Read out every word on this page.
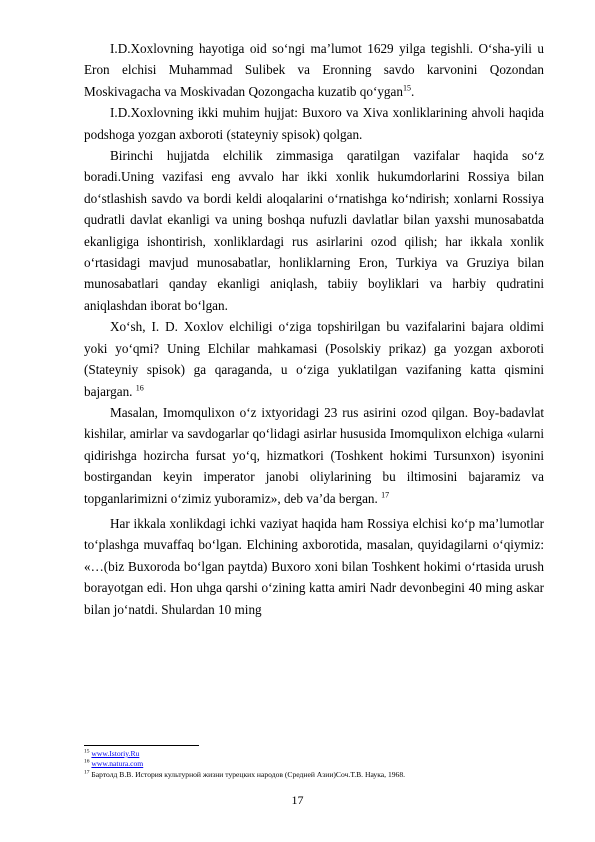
I.D.Xoxlovning hayotiga oid so‘ngi ma’lumot 1629 yilga tegishli. O‘sha-yili u Eron elchisi Muhammad Sulibek va Eronning savdo karvonini Qozondan Moskivagacha va Moskivadan Qozongacha kuzatib qo‘ygan$^{15}$.

I.D.Xoxlovning ikki muhim hujjat: Buxoro va Xiva xonliklarining ahvoli haqida podshoga yozgan axboroti (stateyniy spisok) qolgan.

Birinchi hujjatda elchilik zimmasiga qaratilgan vazifalar haqida so‘z boradi.Uning vazifasi eng avvalo har ikki xonlik hukumdorlarini Rossiya bilan do‘stlashish savdo va bordi keldi aloqalarini o‘rnatishga ko‘ndirish; xonlarni Rossiya qudratli davlat ekanligi va uning boshqa nufuzli davlatlar bilan yaxshi munosabatda ekanligiga ishontirish, xonliklardagi rus asirlarini ozod qilish; har ikkala xonlik o‘rtasidagi mavjud munosabatlar, honliklarning Eron, Turkiya va Gruziya bilan munosabatlari qanday ekanligi aniqlash, tabiiy boyliklari va harbiy qudratini aniqlashdan iborat bo‘lgan.

Xo‘sh, I. D. Xoxlov elchiligi o‘ziga topshirilgan bu vazifalarini bajara oldimi yoki yo‘qmi? Uning Elchilar mahkamasi (Posolskiy prikaz) ga yozgan axboroti (Stateyniy spisok) ga qaraganda, u o‘ziga yuklatilgan vazifaning katta qismini bajargan. $^{16}$

Masalan, Imomqulixon o‘z ixtyoridagi 23 rus asirini ozod qilgan. Boy-badavlat kishilar, amirlar va savdogarlar qo‘lidagi asirlar hususida Imomqulixon elchiga «ularni qidirishga hozircha fursat yo‘q, hizmatkori (Toshkent hokimi Tursunxon) isyonini bostirgandan keyin imperator janobi oliylarining bu iltimosini bajaramiz va topganlarimizni o‘zimiz yuboramiz», deb va’da bergan. $^{17}$

Har ikkala xonlikdagi ichki vaziyat haqida ham Rossiya elchisi ko‘p ma’lumotlar to‘plashga muvaffaq bo‘lgan. Elchining axborotida, masalan, quyidagilarni o‘qiymiz: «…(biz Buxoroda bo‘lgan paytda) Buxoro xoni bilan Toshkent hokimi o‘rtasida urush borayotgan edi. Hon uhga qarshi o‘zining katta amiri Nadr devonbegini 40 ming askar bilan jo‘natdi. Shulardan 10 ming

$^{15}$ www.Istoriy.Ru
$^{16}$ www.natura.com
$^{17}$ Бартолд В.В. История культурной жизни турецких народов (Средней Азии)Соч.Т.В. Наука, 1968.
17
